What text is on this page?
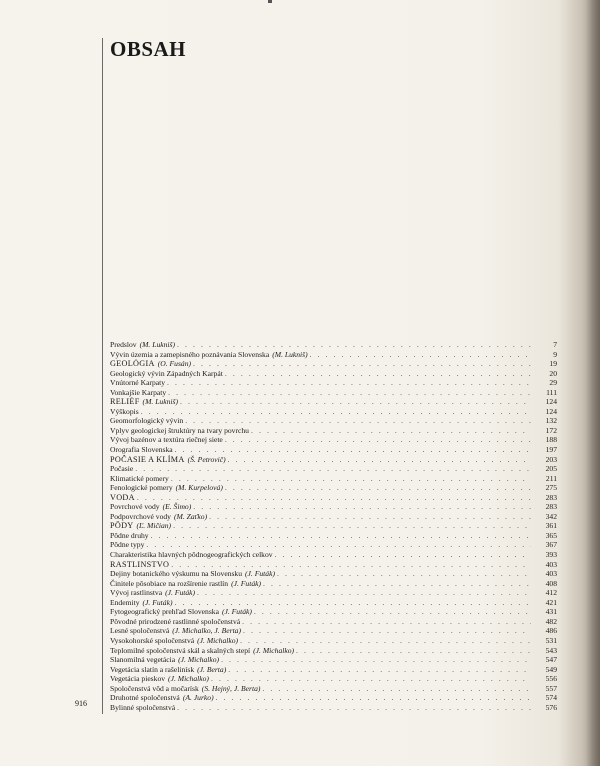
OBSAH
Predslov (M. Lukniš) . . .	7
Vývin územia a zamepisného poznávania Slovenska (M. Lukniš) . . .	9
GEOLÓGIA (O. Fusán) . . .	19
Geologický vývin Západných Karpát . . .	20
Vnútorné Karpaty . . .	29
Vonkajšie Karpaty . . .	111
RELIÉF (M. Lukniš) . . .	124
Výškopis . . .	124
Geomorfologický vývin . . .	132
Vplyv geologickej štruktúry na tvary povrchu . . .	172
Vývoj bazénov a textúra riečnej siete . . .	188
Orografia Slovenska . . .	197
POČASIE A KLÍMA (Š. Petrovič) . . .	203
Počasie . . .	205
Klimatické pomery . . .	211
Fenologické pomery (M. Kurpelová) . . .	275
VODA . . .	283
Povrchové vody (E. Šimo) . . .	283
Podpovrchové vody (M. Zaťko) . . .	342
PÔDY (Ľ. Mičian) . . .	361
Pôdne druhy . . .	365
Pôdne typy . . .	367
Charakteristika hlavných pôdnogeografických celkov . . .	393
RASTLINSTVO . . .	403
Dejiny botanického výskumu na Slovensku (J. Futák) . . .	403
Činitele pôsobiace na rozšírenie rastlín (J. Futák) . . .	408
Vývoj rastlinstva (J. Futák) . . .	412
Endemity (J. Futák) . . .	421
Fytogeografický prehľad Slovenska (J. Futák) . . .	431
Pôvodné prirodzené rastlinné spoločenstvá . . .	482
Lesné spoločenstvá (J. Michalko, J. Berta) . . .	486
Vysokohorské spoločenstvá (J. Michalko) . . .	531
Teplomilné spoločenstvá skál a skalných stepí (J. Michalko) . . .	543
Slanomilná vegetácia (J. Michalko) . . .	547
Vegetácia slatín a rašelinísk (J. Berta) . . .	549
Vegetácia pieskov (J. Michalko) . . .	556
Spoločenstvá vôd a močarísk (S. Hejný, J. Berta) . . .	557
Druhotné spoločenstvá (A. Jurko) . . .	574
Bylinné spoločenstvá . . .	576
916
